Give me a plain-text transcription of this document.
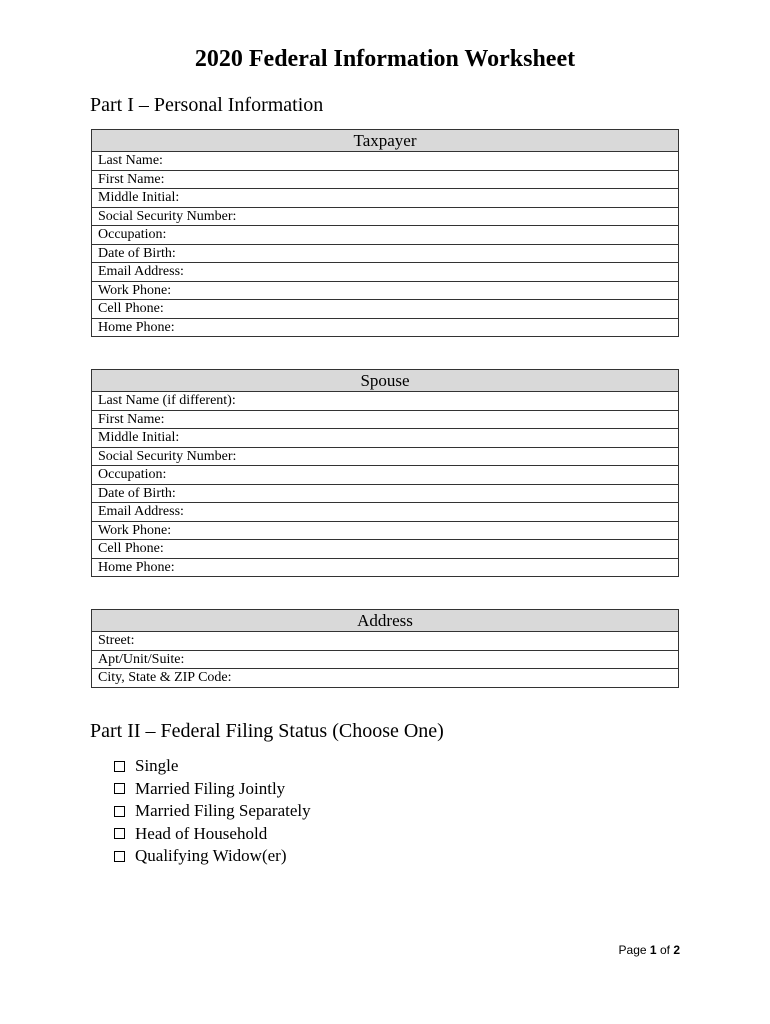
2020 Federal Information Worksheet
Part I – Personal Information
Taxpayer
Last Name:
First Name:
Middle Initial:
Social Security Number:
Occupation:
Date of Birth:
Email Address:
Work Phone:
Cell Phone:
Home Phone:
Spouse
Last Name (if different):
First Name:
Middle Initial:
Social Security Number:
Occupation:
Date of Birth:
Email Address:
Work Phone:
Cell Phone:
Home Phone:
Address
Street:
Apt/Unit/Suite:
City, State & ZIP Code:
Part II – Federal Filing Status (Choose One)
Single
Married Filing Jointly
Married Filing Separately
Head of Household
Qualifying Widow(er)
Page 1 of 2
